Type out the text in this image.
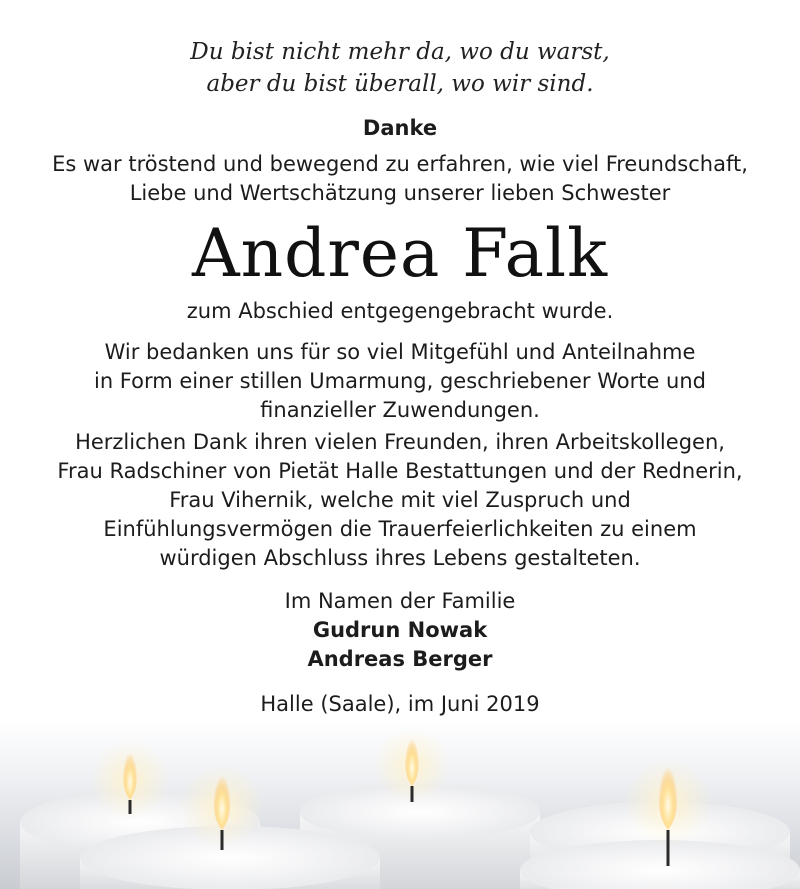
Du bist nicht mehr da, wo du warst,
aber du bist überall, wo wir sind.
Danke
Es war tröstend und bewegend zu erfahren, wie viel Freundschaft,
Liebe und Wertschätzung unserer lieben Schwester
Andrea Falk
zum Abschied entgegengebracht wurde.
Wir bedanken uns für so viel Mitgefühl und Anteilnahme
in Form einer stillen Umarmung, geschriebener Worte und
finanzieller Zuwendungen.
Herzlichen Dank ihren vielen Freunden, ihren Arbeitskollegen,
Frau Radschiner von Pietät Halle Bestattungen und der Rednerin,
Frau Vihernik, welche mit viel Zuspruch und
Einfühlungsvermögen die Trauerfeierlichkeiten zu einem
würdigen Abschluss ihres Lebens gestalteten.
Im Namen der Familie
Gudrun Nowak
Andreas Berger
Halle (Saale), im Juni 2019
